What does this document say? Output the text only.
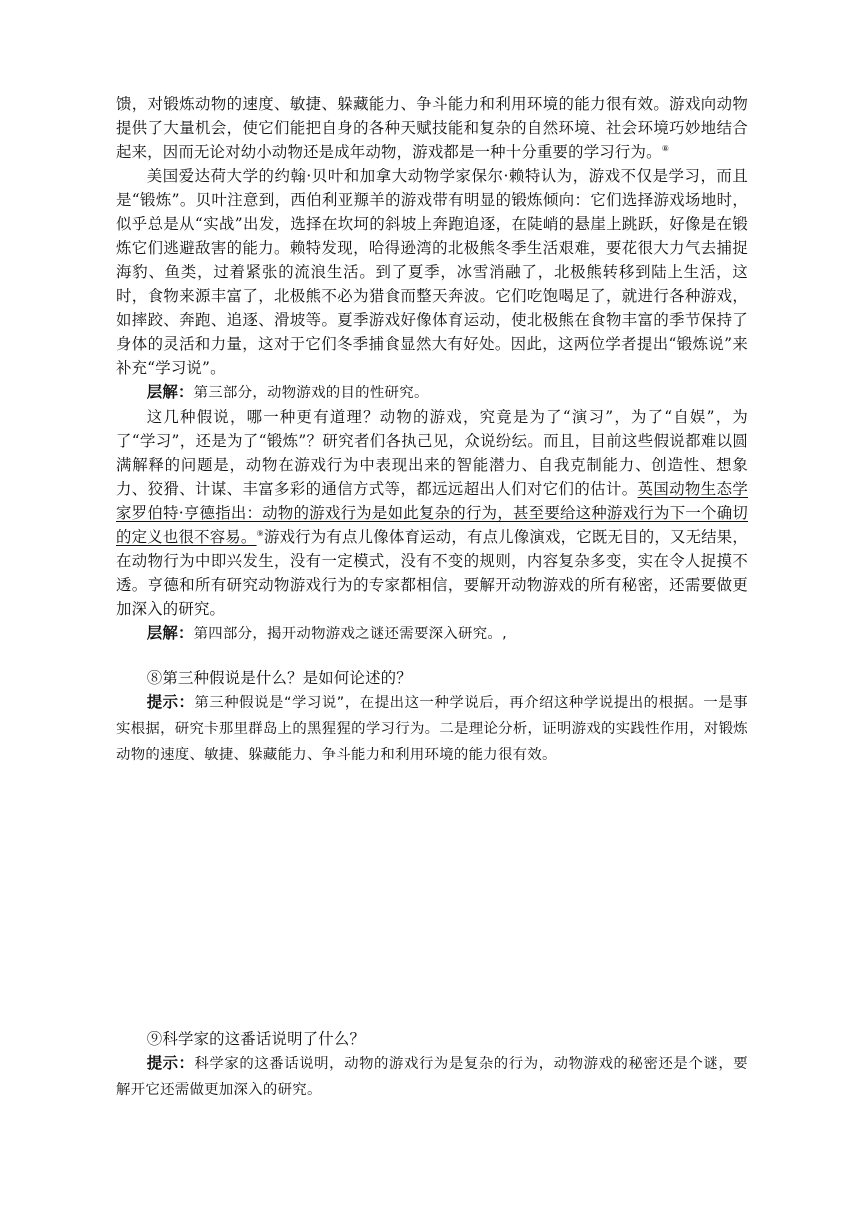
馈，对锻炼动物的速度、敏捷、躲藏能力、争斗能力和利用环境的能力很有效。游戏向动物提供了大量机会，使它们能把自身的各种天赋技能和复杂的自然环境、社会环境巧妙地结合起来，因而无论对幼小动物还是成年动物，游戏都是一种十分重要的学习行为。⑧

美国爱达荷大学的约翰·贝叶和加拿大动物学家保尔·赖特认为，游戏不仅是学习，而且是“锻炼”。贝叶注意到，西伯利亚羱羊的游戏带有明显的锻炼倾向：它们选择游戏场地时，似乎总是从“实战”出发，选择在坎坷的斜坡上奔跑追逐，在陡峭的悬崖上跳跃，好像是在锻炼它们逃避敌害的能力。赖特发现，哈得逊湾的北极熊冬季生活艰难，要花很大力气去捕捉海豹、鱼类，过着紧张的流浪生活。到了夏季，冰雪消融了，北极熊转移到陆上生活，这时，食物来源丰富了，北极熊不必为猎食而整天奔波。它们吃饱喝足了，就进行各种游戏，如摔跤、奔跑、追逐、滑坡等。夏季游戏好像体育运动，使北极熊在食物丰富的季节保持了身体的灵活和力量，这对于它们冬季捕食显然大有好处。因此，这两位学者提出“锻炼说”来补充“学习说”。

层解：第三部分，动物游戏的目的性研究。

这几种假说，哪一种更有道理？动物的游戏，究竟是为了“演习”，为了“自娱”，为了“学习”，还是为了“锻炼”？研究者们各执己见，众说纷纭。而且，目前这些假说都难以圆满解释的问题是，动物在游戏行为中表现出来的智能潜力、自我克制能力、创造性、想象力、狡猾、计谋、丰富多彩的通信方式等，都远远超出人们对它们的估计。英国动物生态学家罗伯特·亨德指出：动物的游戏行为是如此复杂的行为，甚至要给这种游戏行为下一个确切的定义也很不容易。⑨游戏行为有点儿像体育运动，有点儿像演戏，它既无目的，又无结果，在动物行为中即兴发生，没有一定模式，没有不变的规则，内容复杂多变，实在令人捉摸不透。亨德和所有研究动物游戏行为的专家都相信，要解开动物游戏的所有秘密，还需要做更加深入的研究。

层解：第四部分，揭开动物游戏之谜还需要深入研究。,

⑧第三种假说是什么？是如何论述的？

提示：第三种假说是“学习说”，在提出这一种学说后，再介绍这种学说提出的根据。一是事实根据，研究卡那里群岛上的黑猩猩的学习行为。二是理论分析，证明游戏的实践性作用，对锻炼动物的速度、敏捷、躲藏能力、争斗能力和利用环境的能力很有效。

⑨科学家的这番话说明了什么？

提示：科学家的这番话说明，动物的游戏行为是复杂的行为，动物游戏的秘密还是个谜，要解开它还需做更加深入的研究。
